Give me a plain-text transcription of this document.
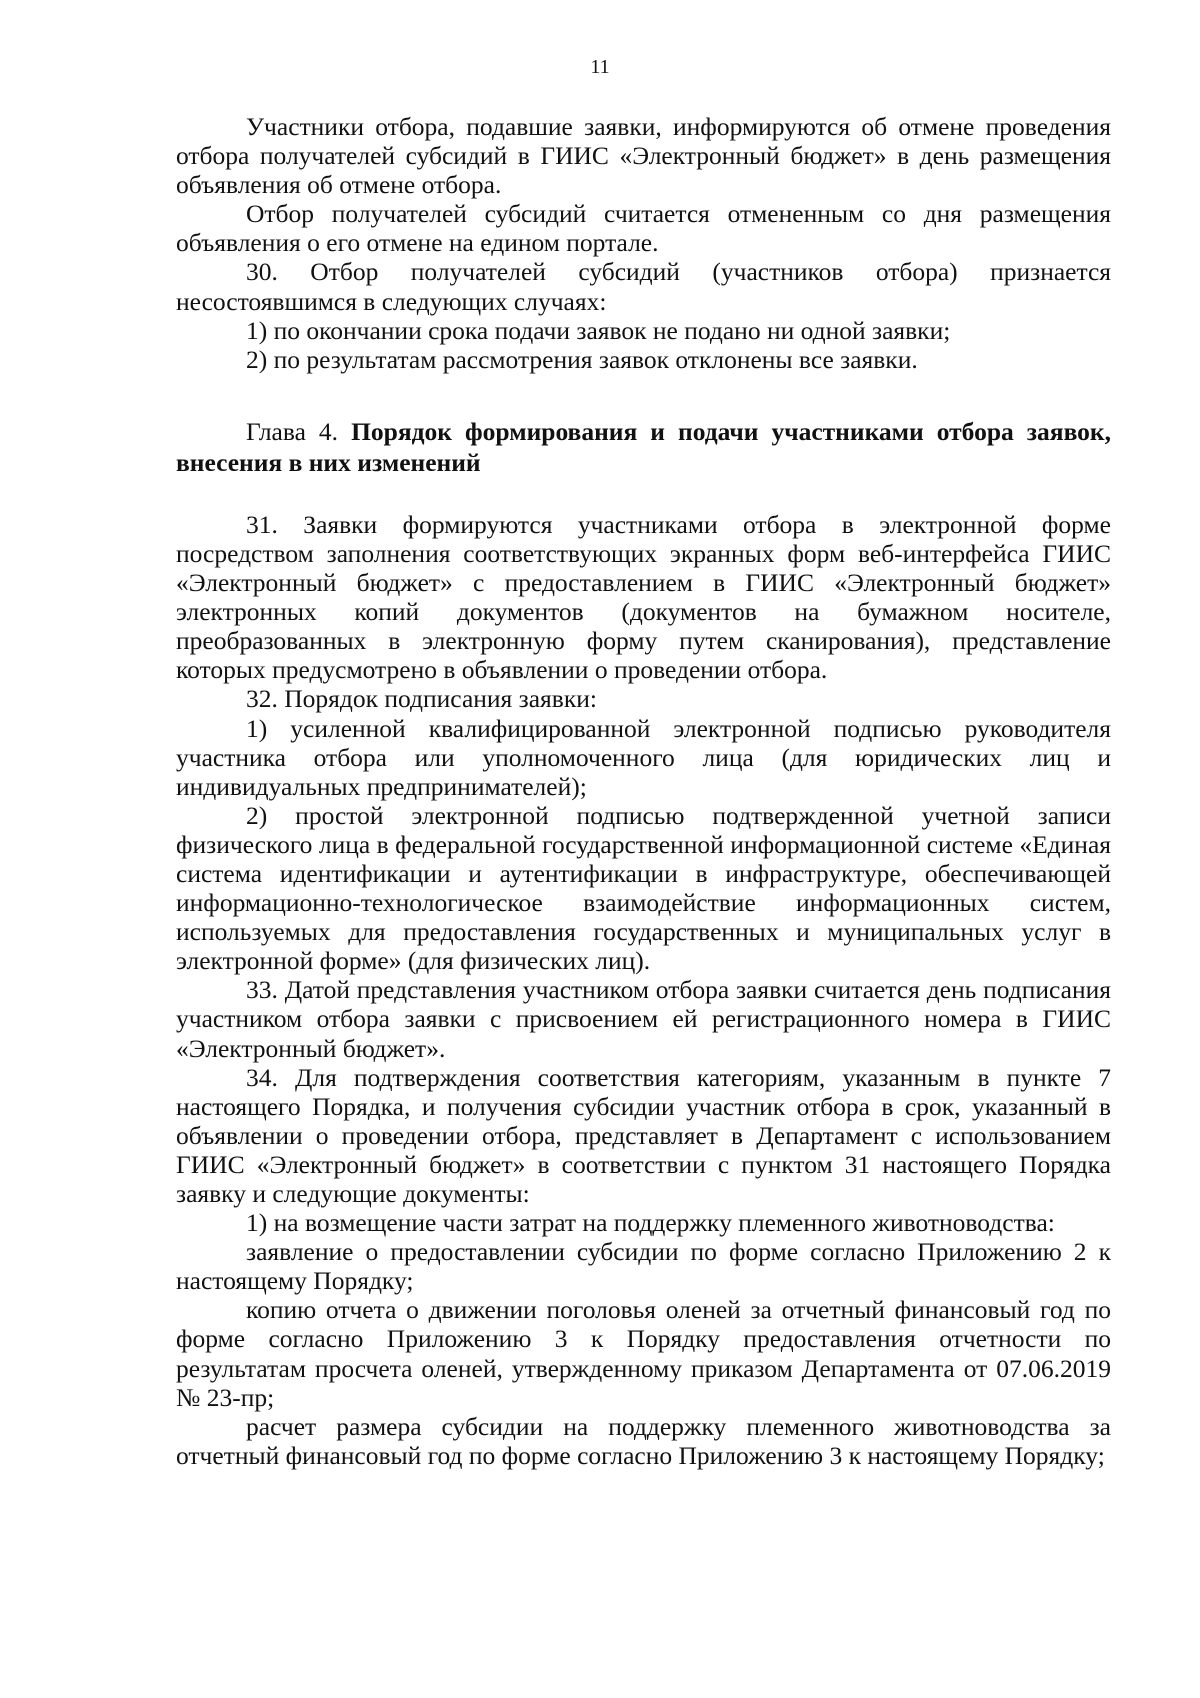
11

Участники отбора, подавшие заявки, информируются об отмене проведения отбора получателей субсидий в ГИИС «Электронный бюджет» в день размещения объявления об отмене отбора.

Отбор получателей субсидий считается отмененным со дня размещения объявления о его отмене на едином портале.

30. Отбор получателей субсидий (участников отбора) признается несостоявшимся в следующих случаях:

1) по окончании срока подачи заявок не подано ни одной заявки;

2) по результатам рассмотрения заявок отклонены все заявки.

Глава 4. Порядок формирования и подачи участниками отбора заявок, внесения в них изменений

31. Заявки формируются участниками отбора в электронной форме посредством заполнения соответствующих экранных форм веб-интерфейса ГИИС «Электронный бюджет» с предоставлением в ГИИС «Электронный бюджет» электронных копий документов (документов на бумажном носителе, преобразованных в электронную форму путем сканирования), представление которых предусмотрено в объявлении о проведении отбора.

32. Порядок подписания заявки:

1) усиленной квалифицированной электронной подписью руководителя участника отбора или уполномоченного лица (для юридических лиц и индивидуальных предпринимателей);

2) простой электронной подписью подтвержденной учетной записи физического лица в федеральной государственной информационной системе «Единая система идентификации и аутентификации в инфраструктуре, обеспечивающей информационно-технологическое взаимодействие информационных систем, используемых для предоставления государственных и муниципальных услуг в электронной форме» (для физических лиц).

33. Датой представления участником отбора заявки считается день подписания участником отбора заявки с присвоением ей регистрационного номера в ГИИС «Электронный бюджет».

34. Для подтверждения соответствия категориям, указанным в пункте 7 настоящего Порядка, и получения субсидии участник отбора в срок, указанный в объявлении о проведении отбора, представляет в Департамент с использованием ГИИС «Электронный бюджет» в соответствии с пунктом 31 настоящего Порядка заявку и следующие документы:

1) на возмещение части затрат на поддержку племенного животноводства:

заявление о предоставлении субсидии по форме согласно Приложению 2 к настоящему Порядку;

копию отчета о движении поголовья оленей за отчетный финансовый год по форме согласно Приложению 3 к Порядку предоставления отчетности по результатам просчета оленей, утвержденному приказом Департамента от 07.06.2019 № 23-пр;

расчет размера субсидии на поддержку племенного животноводства за отчетный финансовый год по форме согласно Приложению 3 к настоящему Порядку;
